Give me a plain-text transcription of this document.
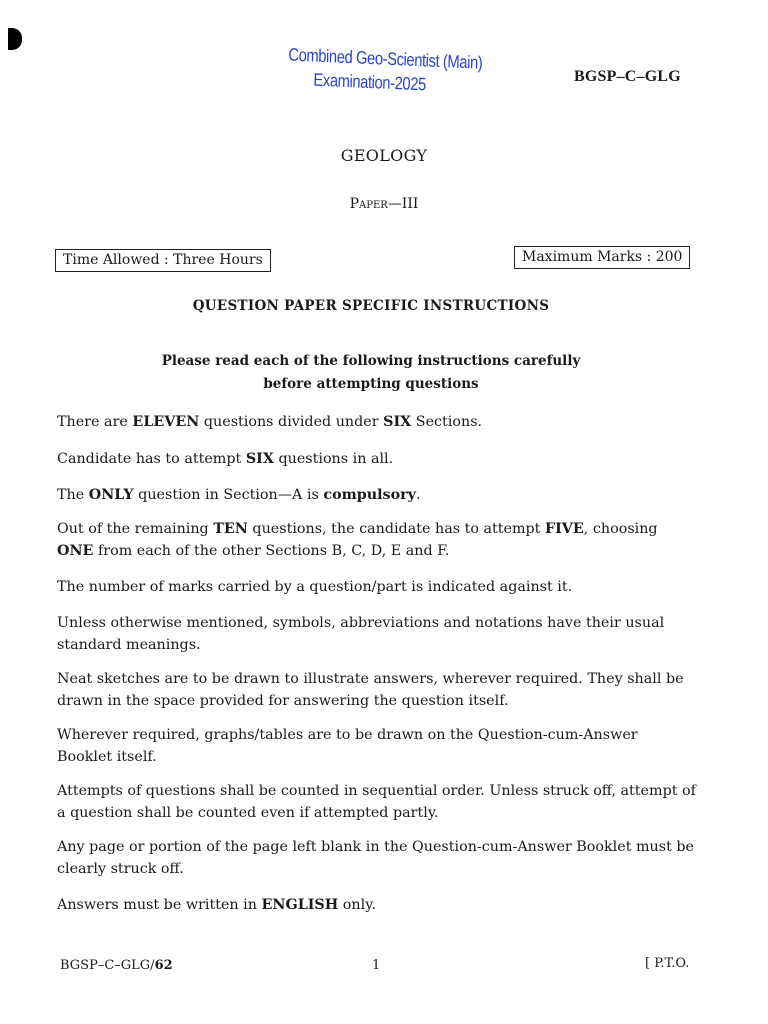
Combined Geo-Scientist (Main)
Examination-2025	BGSP–C–GLG
GEOLOGY
Paper—III
Time Allowed : Three Hours	Maximum Marks : 200
QUESTION PAPER SPECIFIC INSTRUCTIONS
Please read each of the following instructions carefully
before attempting questions
There are ELEVEN questions divided under SIX Sections.
Candidate has to attempt SIX questions in all.
The ONLY question in Section—A is compulsory.
Out of the remaining TEN questions, the candidate has to attempt FIVE, choosing ONE from each of the other Sections B, C, D, E and F.
The number of marks carried by a question/part is indicated against it.
Unless otherwise mentioned, symbols, abbreviations and notations have their usual standard meanings.
Neat sketches are to be drawn to illustrate answers, wherever required. They shall be drawn in the space provided for answering the question itself.
Wherever required, graphs/tables are to be drawn on the Question-cum-Answer Booklet itself.
Attempts of questions shall be counted in sequential order. Unless struck off, attempt of a question shall be counted even if attempted partly.
Any page or portion of the page left blank in the Question-cum-Answer Booklet must be clearly struck off.
Answers must be written in ENGLISH only.
BGSP–C–GLG/62	1	[ P.T.O.
